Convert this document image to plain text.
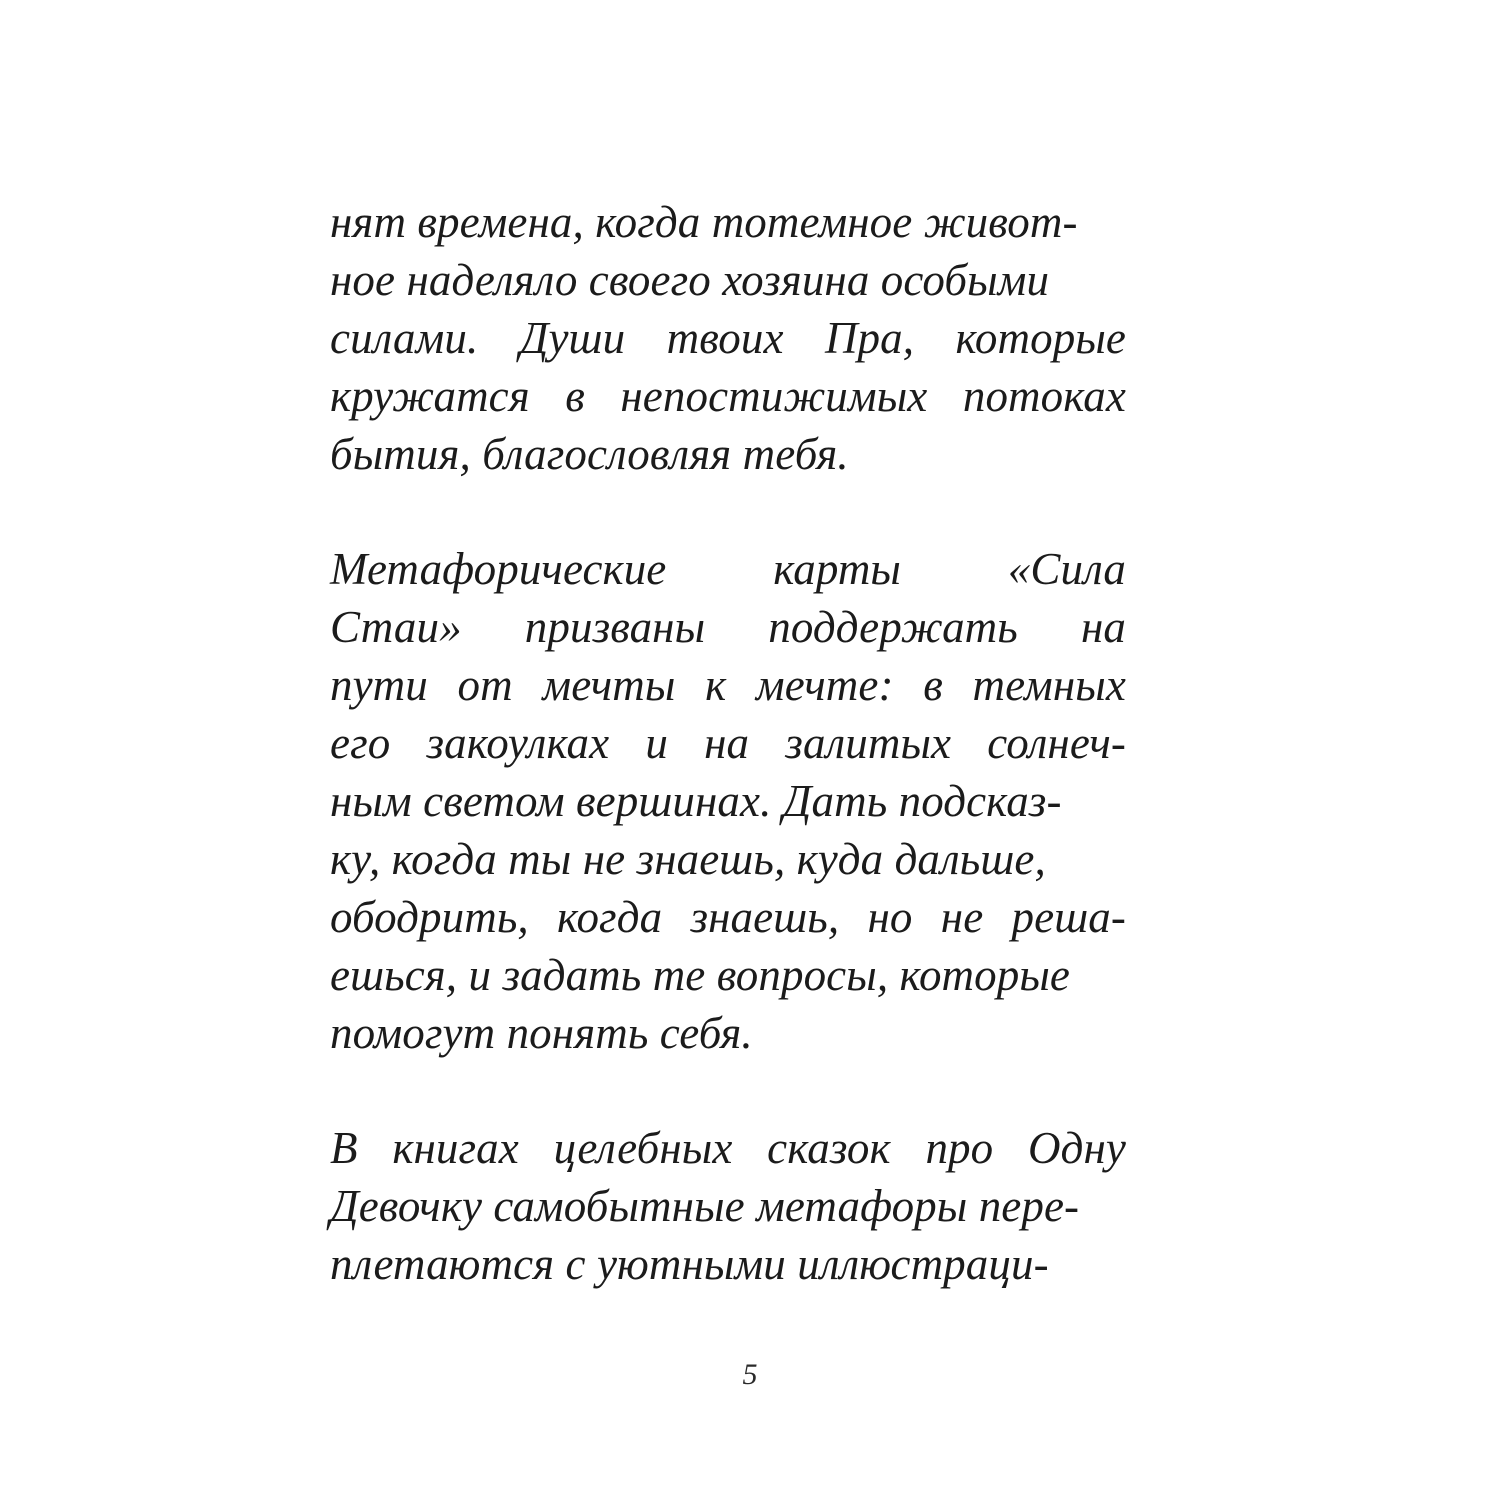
нят времена, когда тотемное живот-
ное наделяло своего хозяина особыми
силами. Души твоих Пра, которые
кружатся в непостижимых потоках
бытия, благословляя тебя.

Метафорические карты «Сила
Стаи» призваны поддержать на
пути от мечты к мечте: в темных
его закоулках и на залитых солнеч-
ным светом вершинах. Дать подсказ-
ку, когда ты не знаешь, куда дальше,
ободрить, когда знаешь, но не реша-
ешься, и задать те вопросы, которые
помогут понять себя.

В книгах целебных сказок про Одну
Девочку самобытные метафоры пере-
плетаются с уютными иллюстраци-

5
